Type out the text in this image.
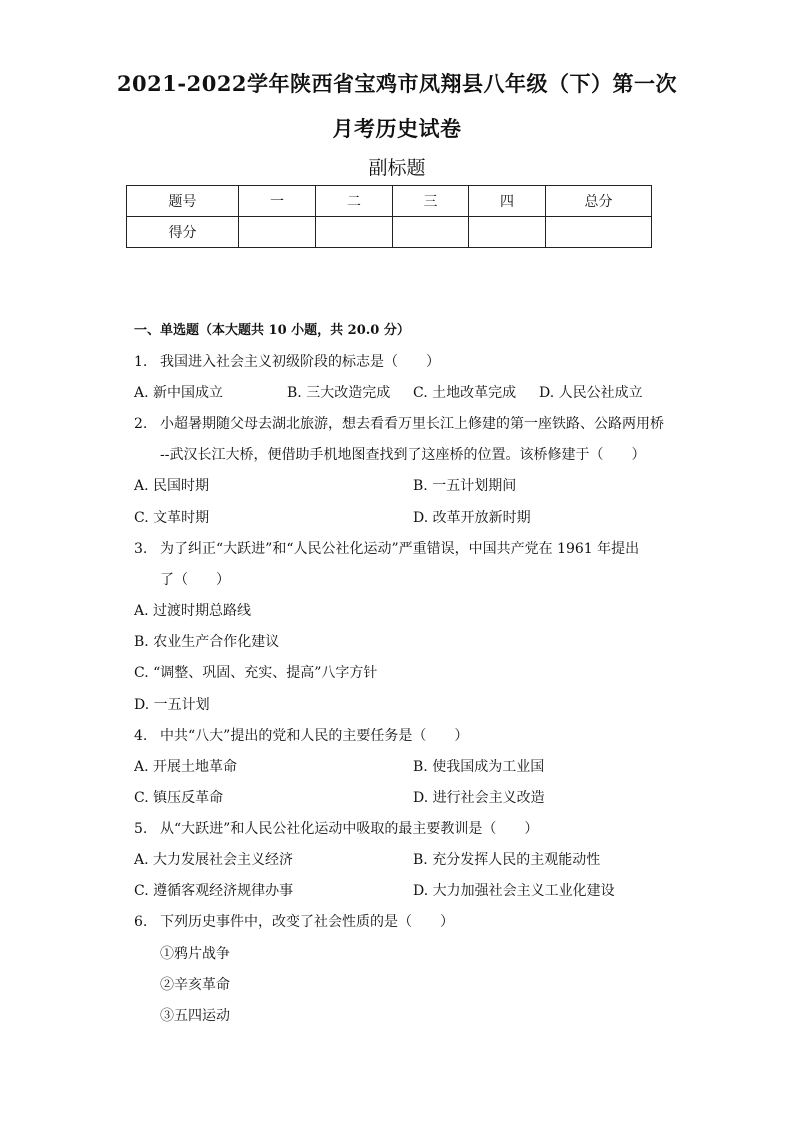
2021-2022学年陕西省宝鸡市凤翔县八年级（下）第一次
月考历史试卷
副标题
题号	一	二	三	四	总分
得分					
一、单选题（本大题共 10 小题，共 20.0 分）
1. 我国进入社会主义初级阶段的标志是（　　）
A. 新中国成立	B. 三大改造完成 C. 土地改革完成 D. 人民公社成立
2. 小超暑期随父母去湖北旅游，想去看看万里长江上修建的第一座铁路、公路两用桥
--武汉长江大桥，便借助手机地图查找到了这座桥的位置。该桥修建于（　　）
A. 民国时期	B. 一五计划期间
C. 文革时期	D. 改革开放新时期
3. 为了纠正“大跃进”和“人民公社化运动”严重错误，中国共产党在 1961 年提出
了（　　）
A. 过渡时期总路线
B. 农业生产合作化建议
C. “调整、巩固、充实、提高”八字方针
D. 一五计划
4. 中共“八大”提出的党和人民的主要任务是（　　）
A. 开展土地革命	B. 使我国成为工业国
C. 镇压反革命	D. 进行社会主义改造
5. 从“大跃进”和人民公社化运动中吸取的最主要教训是（　　）
A. 大力发展社会主义经济	B. 充分发挥人民的主观能动性
C. 遵循客观经济规律办事	D. 大力加强社会主义工业化建设
6. 下列历史事件中，改变了社会性质的是（　　）
①鸦片战争
②辛亥革命
③五四运动
